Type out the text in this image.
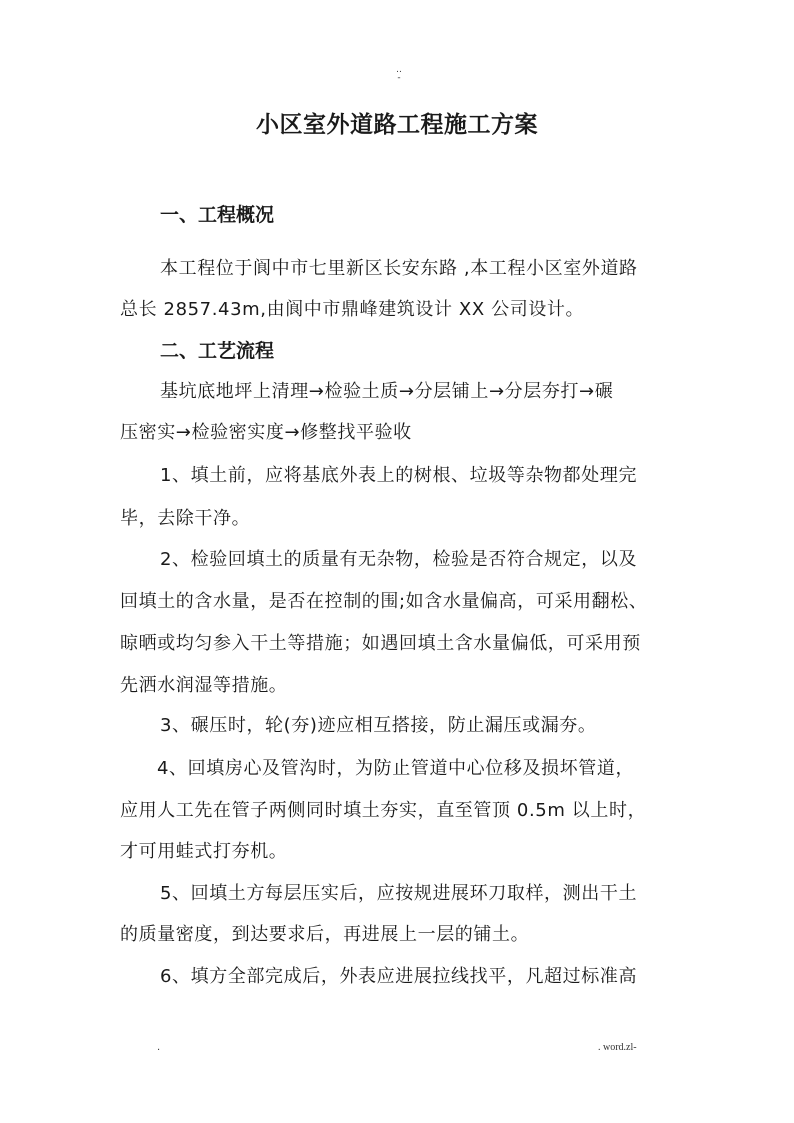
..
-
小区室外道路工程施工方案
一、工程概况
本工程位于阆中市七里新区长安东路 ,本工程小区室外道路
总长 2857.43m,由阆中市鼎峰建筑设计 XX 公司设计。
二、工艺流程
基坑底地坪上清理→检验土质→分层铺上→分层夯打→碾
压密实→检验密实度→修整找平验收
1、填土前，应将基底外表上的树根、垃圾等杂物都处理完
毕，去除干净。
2、检验回填土的质量有无杂物，检验是否符合规定，以及
回填土的含水量，是否在控制的围;如含水量偏高，可采用翻松、
晾晒或均匀参入干土等措施；如遇回填土含水量偏低，可采用预
先洒水润湿等措施。
3、碾压时，轮(夯)迹应相互搭接，防止漏压或漏夯。
4、回填房心及管沟时，为防止管道中心位移及损坏管道，
应用人工先在管子两侧同时填土夯实，直至管顶 0.5m 以上时，
才可用蛙式打夯机。
5、回填土方每层压实后，应按规进展环刀取样，测出干土
的质量密度，到达要求后，再进展上一层的铺土。
6、填方全部完成后，外表应进展拉线找平，凡超过标准高
.	. word.zl-
